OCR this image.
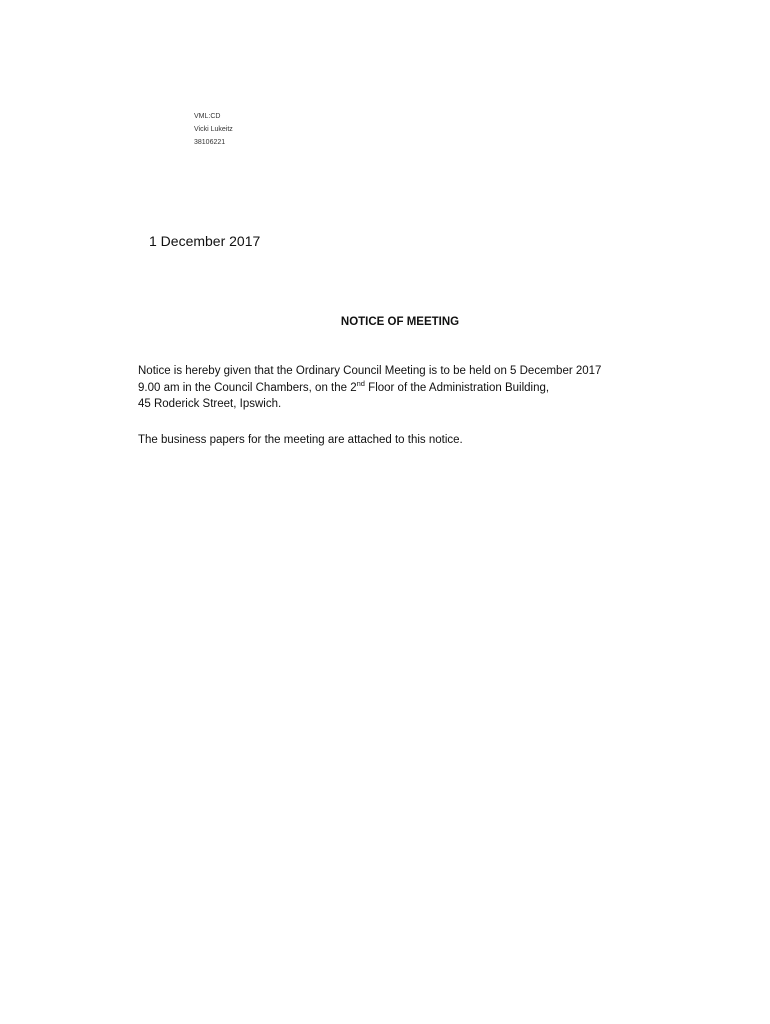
VML:CD
Vicki Lukeitz
38106221
1 December 2017
NOTICE OF MEETING
Notice is hereby given that the Ordinary Council Meeting is to be held on 5 December 2017
9.00 am in the Council Chambers, on the 2nd Floor of the Administration Building,
45 Roderick Street, Ipswich.
The business papers for the meeting are attached to this notice.
